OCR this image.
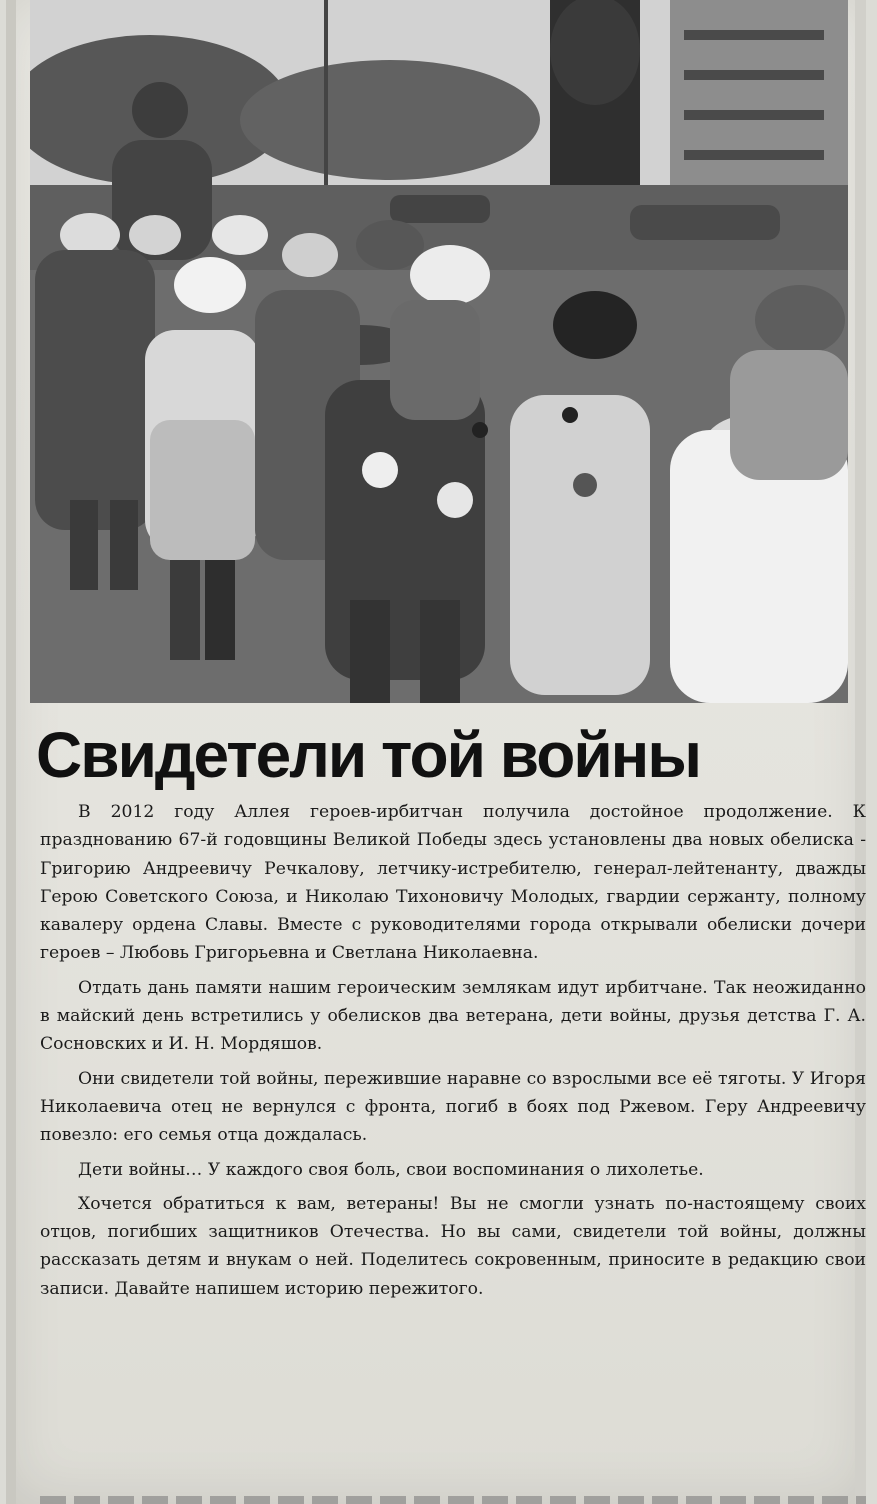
Свидетели той войны

В 2012 году Аллея героев-ирбитчан получила достойное продолжение. К празднованию 67-й годовщины Великой Победы здесь установлены два новых обелиска - Григорию Андреевичу Речкалову, летчику-истребителю, генерал-лейтенанту, дважды Герою Советского Союза, и Николаю Тихоновичу Молодых, гвардии сержанту, полному кавалеру ордена Славы. Вместе с руководителями города открывали обелиски дочери героев – Любовь Григорьевна и Светлана Николаевна.

Отдать дань памяти нашим героическим землякам идут ирбитчане. Так неожиданно в майский день встретились у обелисков два ветерана, дети войны, друзья детства Г. А. Сосновских и И. Н. Мордяшов.

Они свидетели той войны, пережившие наравне со взрослыми все её тяготы. У Игоря Николаевича отец не вернулся с фронта, погиб в боях под Ржевом. Геру Андреевичу повезло: его семья отца дождалась.

Дети войны… У каждого своя боль, свои воспоминания о лихолетье.

Хочется обратиться к вам, ветераны! Вы не смогли узнать по-настоящему своих отцов, погибших защитников Отечества. Но вы сами, свидетели той войны, должны рассказать детям и внукам о ней. Поделитесь сокровенным, приносите в редакцию свои записи. Давайте напишем историю пережитого.
